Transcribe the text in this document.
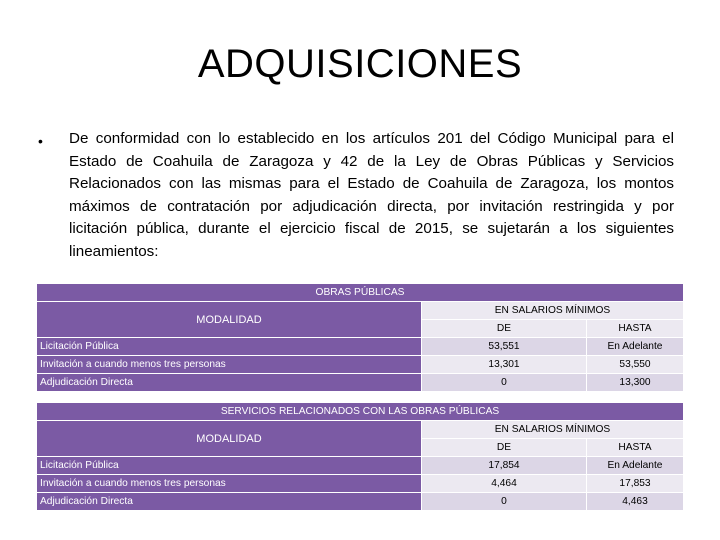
ADQUISICIONES
• De conformidad con lo establecido en los artículos 201 del Código Municipal para el Estado de Coahuila de Zaragoza y 42 de la Ley de Obras Públicas y Servicios Relacionados con las mismas para el Estado de Coahuila de Zaragoza, los montos máximos de contratación por adjudicación directa, por invitación restringida y por licitación pública, durante el ejercicio fiscal de 2015, se sujetarán a los siguientes lineamientos:
OBRAS PÚBLICAS		
MODALIDAD	EN SALARIOS MÍNIMOS	
	DE	HASTA
Licitación Pública	53,551	En Adelante
Invitación a cuando menos tres personas	13,301	53,550
Adjudicación Directa	0	13,300
SERVICIOS RELACIONADOS CON LAS OBRAS PÚBLICAS		
MODALIDAD	EN SALARIOS MÍNIMOS	
	DE	HASTA
Licitación Pública	17,854	En Adelante
Invitación a cuando menos tres personas	4,464	17,853
Adjudicación Directa	0	4,463
